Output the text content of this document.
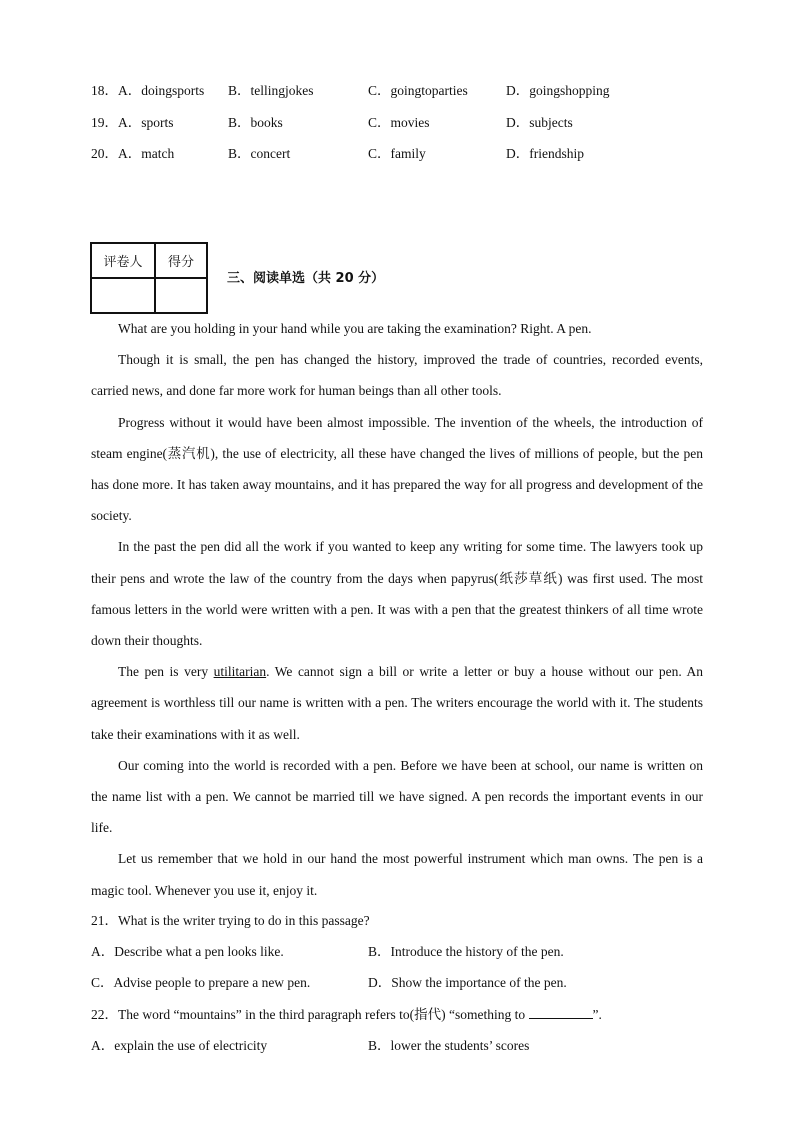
18．A．doingsports B．tellingjokes	C．goingtoparties	D．goingshopping
19．A．sports	B．books	C．movies	D．subjects
20．A．match	B．concert	C．family	D．friendship
评卷人	得分

三、阅读单选（共 20 分）

What are you holding in your hand while you are taking the examination? Right. A pen.

Though it is small, the pen has changed the history, improved the trade of countries, recorded events, carried news, and done far more work for human beings than all other tools.

Progress without it would have been almost impossible. The invention of the wheels, the introduction of steam engine(蒸汽机), the use of electricity, all these have changed the lives of millions of people, but the pen has done more. It has taken away mountains, and it has prepared the way for all progress and development of the society.

In the past the pen did all the work if you wanted to keep any writing for some time. The lawyers took up their pens and wrote the law of the country from the days when papyrus(纸莎草纸) was first used. The most famous letters in the world were written with a pen. It was with a pen that the greatest thinkers of all time wrote down their thoughts.

The pen is very utilitarian. We cannot sign a bill or write a letter or buy a house without our pen. An agreement is worthless till our name is written with a pen. The writers encourage the world with it. The students take their examinations with it as well.

Our coming into the world is recorded with a pen. Before we have been at school, our name is written on the name list with a pen. We cannot be married till we have signed. A pen records the important events in our life.

Let us remember that we hold in our hand the most powerful instrument which man owns. The pen is a magic tool. Whenever you use it, enjoy it.

21．What is the writer trying to do in this passage?
A．Describe what a pen looks like.	B．Introduce the history of the pen.
C．Advise people to prepare a new pen.	D．Show the importance of the pen.
22．The word “mountains” in the third paragraph refers to(指代) “something to	”.
A．explain the use of electricity	B．lower the students’ scores
